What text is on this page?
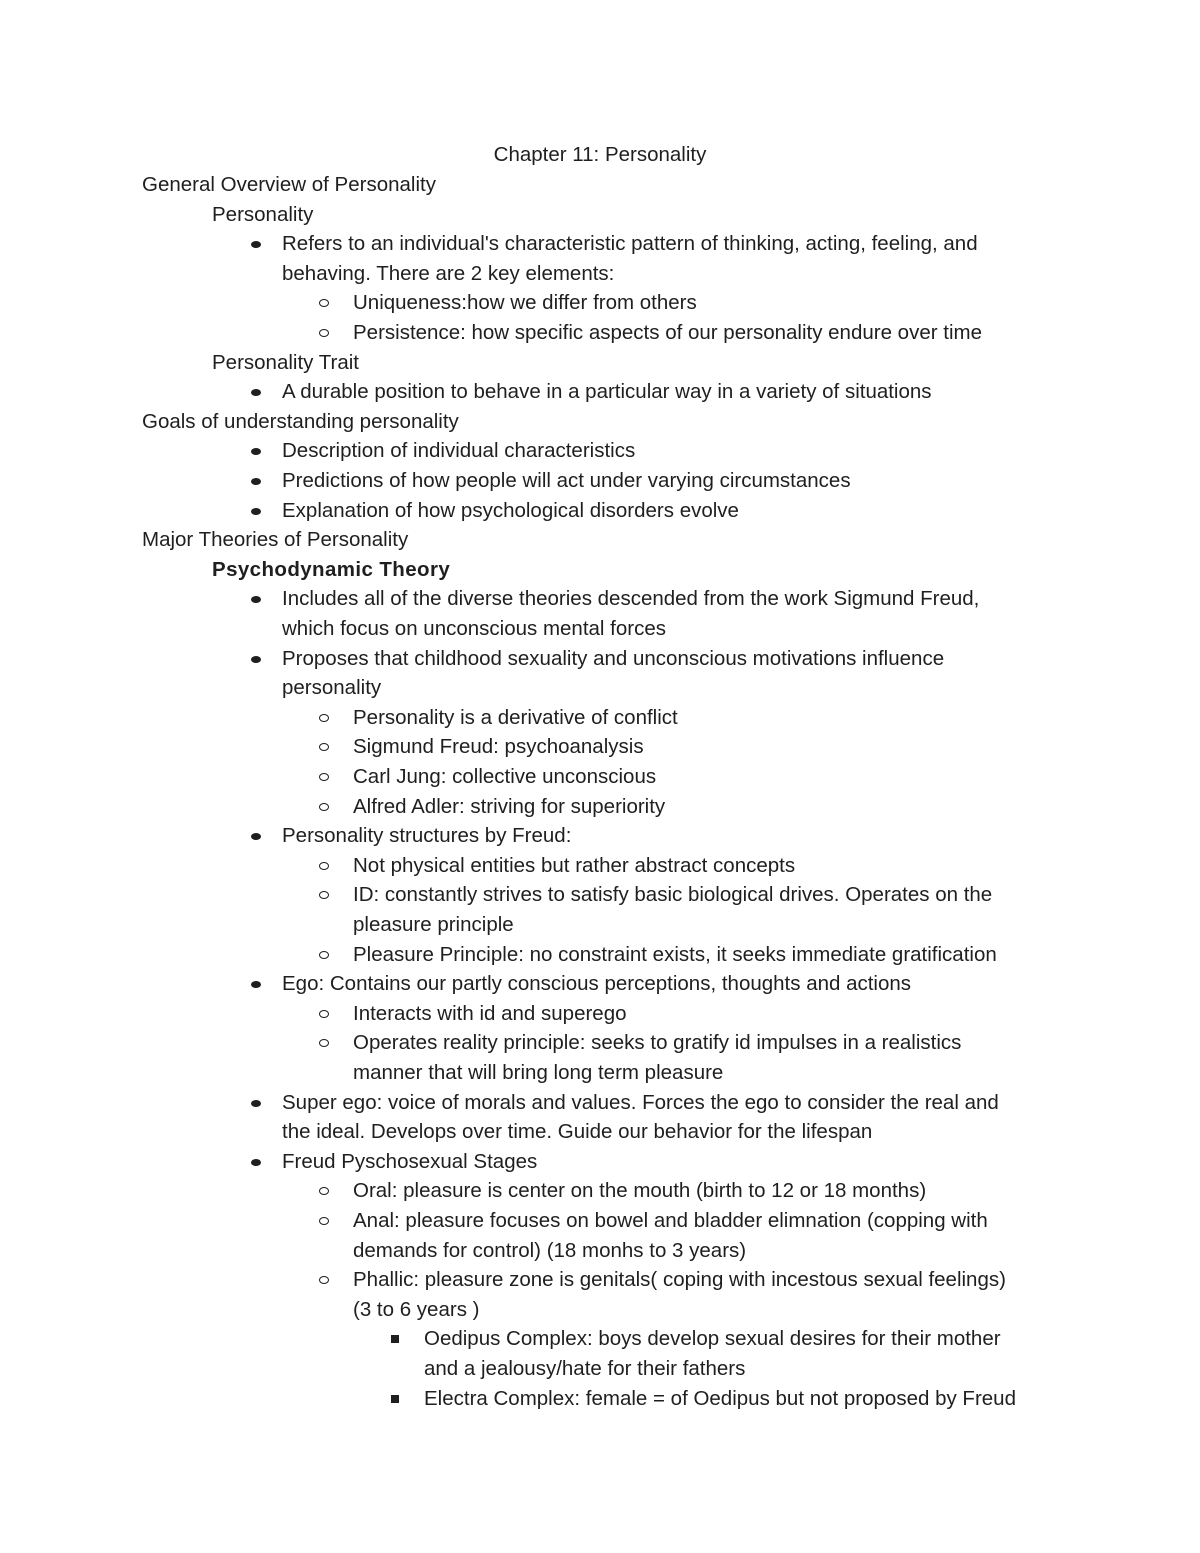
Chapter 11: Personality
General Overview of Personality
Personality
Refers to an individual's characteristic pattern of thinking, acting, feeling, and
behaving. There are 2 key elements:
Uniqueness:how we differ from others
Persistence: how specific aspects of our personality endure over time
Personality Trait
A durable position to behave in a particular way in a variety of situations
Goals of understanding personality
Description of individual characteristics
Predictions of how people will act under varying circumstances
Explanation of how psychological disorders evolve
Major Theories of Personality
Psychodynamic Theory
Includes all of the diverse theories descended from the work Sigmund Freud,
which focus on unconscious mental forces
Proposes that childhood sexuality and unconscious motivations influence
personality
Personality is a derivative of conflict
Sigmund Freud: psychoanalysis
Carl Jung: collective unconscious
Alfred Adler: striving for superiority
Personality structures by Freud:
Not physical entities but rather abstract concepts
ID: constantly strives to satisfy basic biological drives. Operates on the
pleasure principle
Pleasure Principle: no constraint exists, it seeks immediate gratification
Ego: Contains our partly conscious perceptions, thoughts and actions
Interacts with id and superego
Operates reality principle: seeks to gratify id impulses in a realistics
manner that will bring long term pleasure
Super ego: voice of morals and values. Forces the ego to consider the real and
the ideal. Develops over time. Guide our behavior for the lifespan
Freud Pyschosexual Stages
Oral: pleasure is center on the mouth (birth to 12 or 18 months)
Anal: pleasure focuses on bowel and bladder elimnation (copping with
demands for control) (18 monhs to 3 years)
Phallic: pleasure zone is genitals( coping with incestous sexual feelings)
(3 to 6 years )
Oedipus Complex: boys develop sexual desires for their mother
and a jealousy/hate for their fathers
Electra Complex: female = of Oedipus but not proposed by Freud
